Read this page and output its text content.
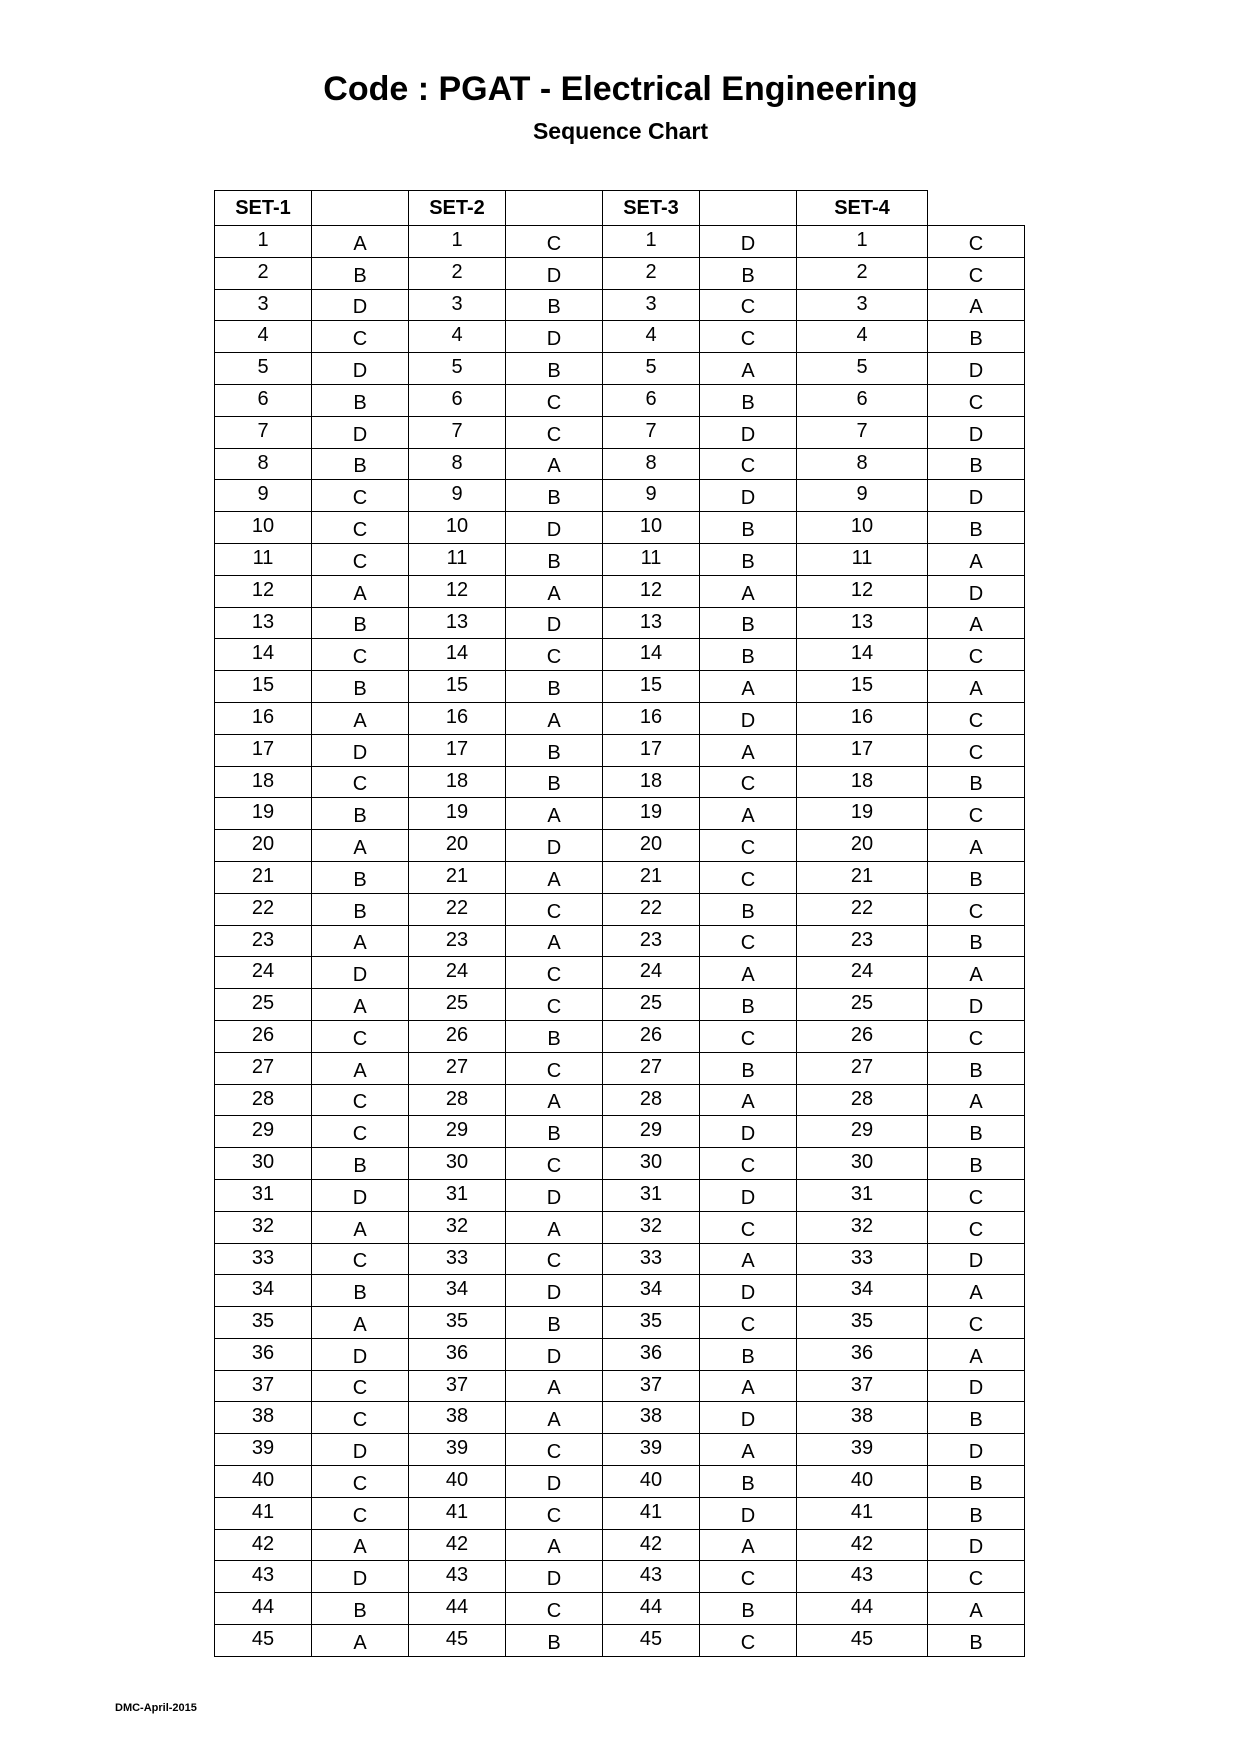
Code : PGAT - Electrical Engineering
Sequence Chart
SET-1		SET-2		SET-3		SET-4	
1	A	1	C	1	D	1	C
2	B	2	D	2	B	2	C
3	D	3	B	3	C	3	A
4	C	4	D	4	C	4	B
5	D	5	B	5	A	5	D
6	B	6	C	6	B	6	C
7	D	7	C	7	D	7	D
8	B	8	A	8	C	8	B
9	C	9	B	9	D	9	D
10	C	10	D	10	B	10	B
11	C	11	B	11	B	11	A
12	A	12	A	12	A	12	D
13	B	13	D	13	B	13	A
14	C	14	C	14	B	14	C
15	B	15	B	15	A	15	A
16	A	16	A	16	D	16	C
17	D	17	B	17	A	17	C
18	C	18	B	18	C	18	B
19	B	19	A	19	A	19	C
20	A	20	D	20	C	20	A
21	B	21	A	21	C	21	B
22	B	22	C	22	B	22	C
23	A	23	A	23	C	23	B
24	D	24	C	24	A	24	A
25	A	25	C	25	B	25	D
26	C	26	B	26	C	26	C
27	A	27	C	27	B	27	B
28	C	28	A	28	A	28	A
29	C	29	B	29	D	29	B
30	B	30	C	30	C	30	B
31	D	31	D	31	D	31	C
32	A	32	A	32	C	32	C
33	C	33	C	33	A	33	D
34	B	34	D	34	D	34	A
35	A	35	B	35	C	35	C
36	D	36	D	36	B	36	A
37	C	37	A	37	A	37	D
38	C	38	A	38	D	38	B
39	D	39	C	39	A	39	D
40	C	40	D	40	B	40	B
41	C	41	C	41	D	41	B
42	A	42	A	42	A	42	D
43	D	43	D	43	C	43	C
44	B	44	C	44	B	44	A
45	A	45	B	45	C	45	B
DMC-April-2015
